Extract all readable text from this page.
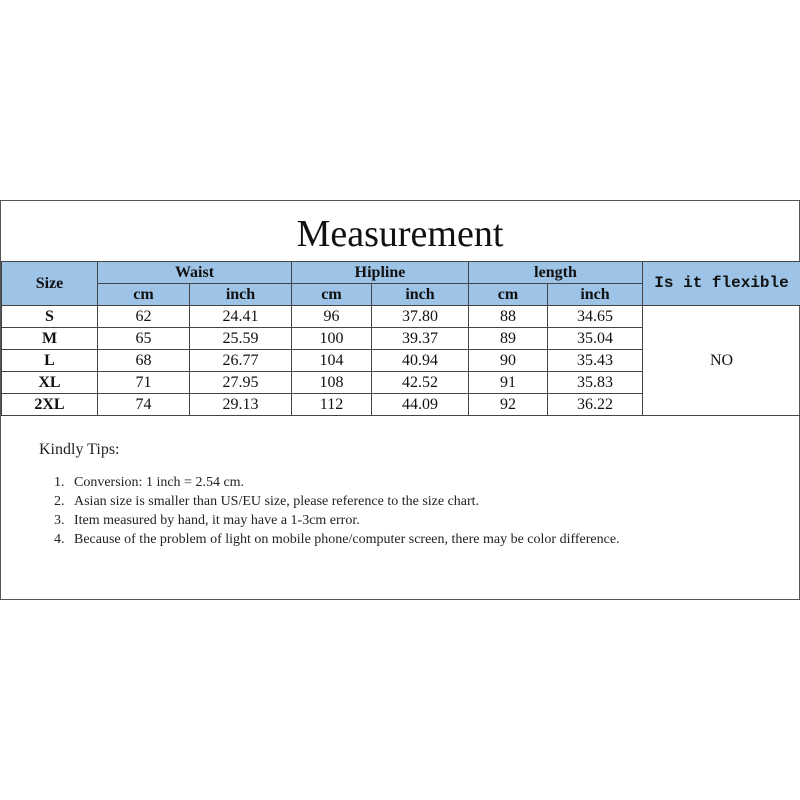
Measurement
Size	Waist		Hipline		length		Is it flexible
	cm	inch	cm	inch	cm	inch	
S	62	24.41	96	37.80	88	34.65	NO
M	65	25.59	100	39.37	89	35.04	
L	68	26.77	104	40.94	90	35.43	
XL	71	27.95	108	42.52	91	35.83	
2XL	74	29.13	112	44.09	92	36.22	
Kindly Tips:
1. Conversion: 1 inch = 2.54 cm.
2. Asian size is smaller than US/EU size, please reference to the size chart.
3. Item measured by hand, it may have a 1-3cm error.
4. Because of the problem of light on mobile phone/computer screen, there may be color difference.
